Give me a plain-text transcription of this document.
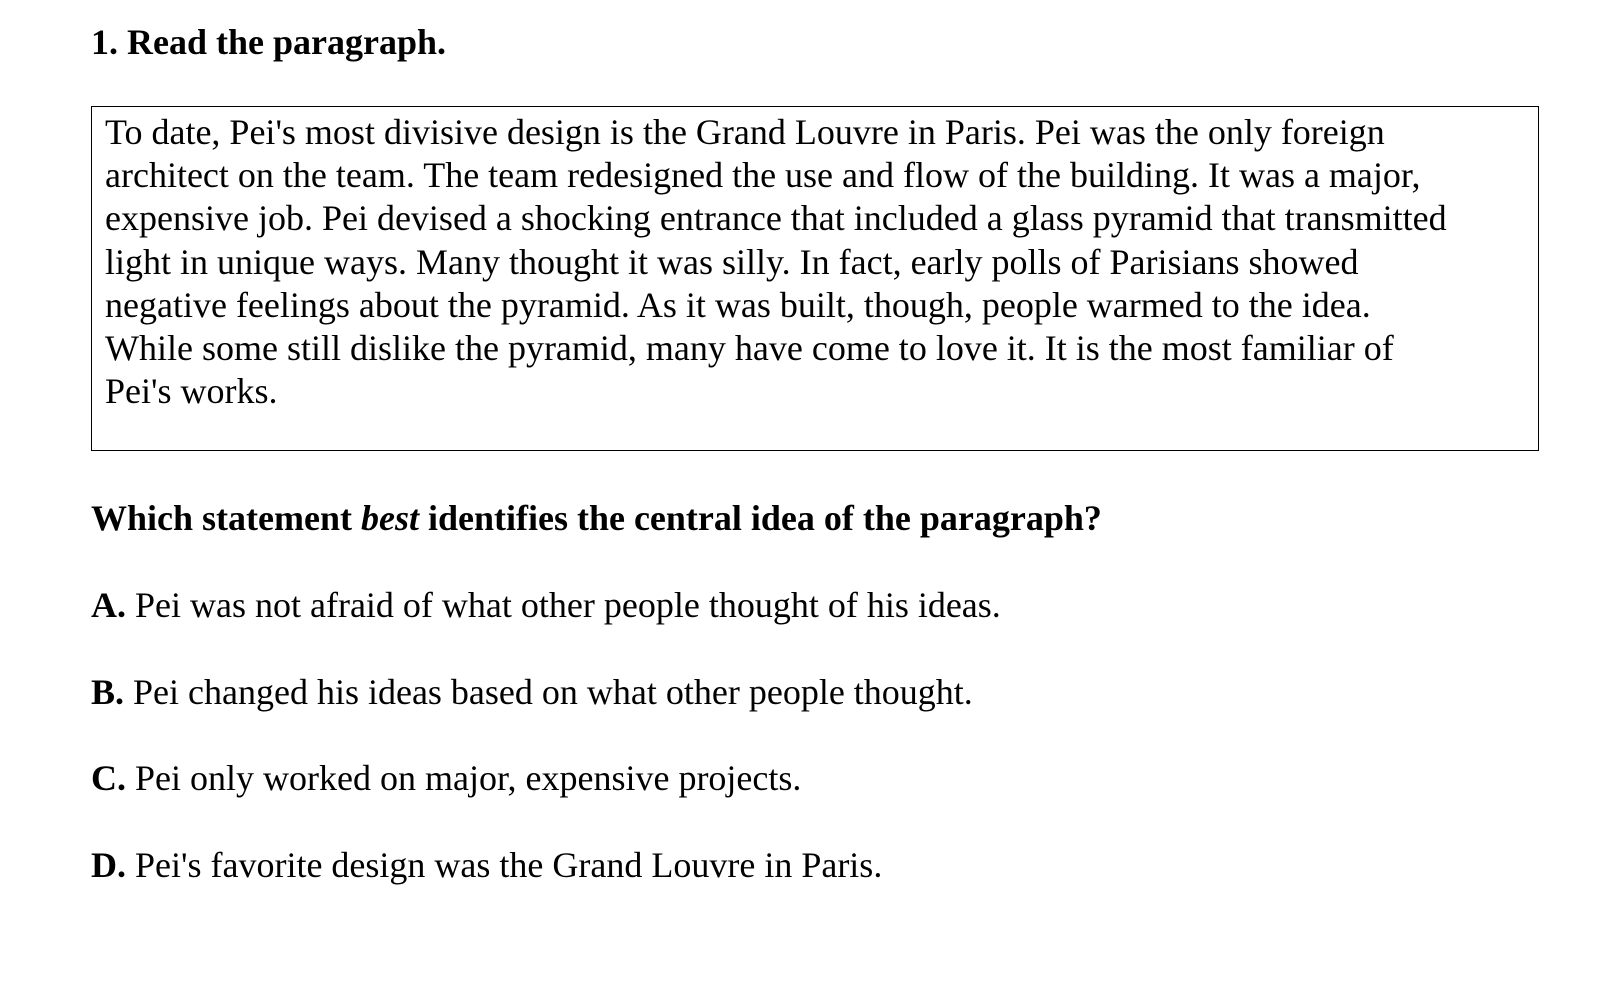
1. Read the paragraph.
To date, Pei's most divisive design is the Grand Louvre in Paris. Pei was the only foreign
architect on the team. The team redesigned the use and flow of the building. It was a major,
expensive job. Pei devised a shocking entrance that included a glass pyramid that transmitted
light in unique ways. Many thought it was silly. In fact, early polls of Parisians showed
negative feelings about the pyramid. As it was built, though, people warmed to the idea.
While some still dislike the pyramid, many have come to love it. It is the most familiar of
Pei's works.

Which statement best identifies the central idea of the paragraph?

A. Pei was not afraid of what other people thought of his ideas.
B. Pei changed his ideas based on what other people thought.
C. Pei only worked on major, expensive projects.
D. Pei's favorite design was the Grand Louvre in Paris.
